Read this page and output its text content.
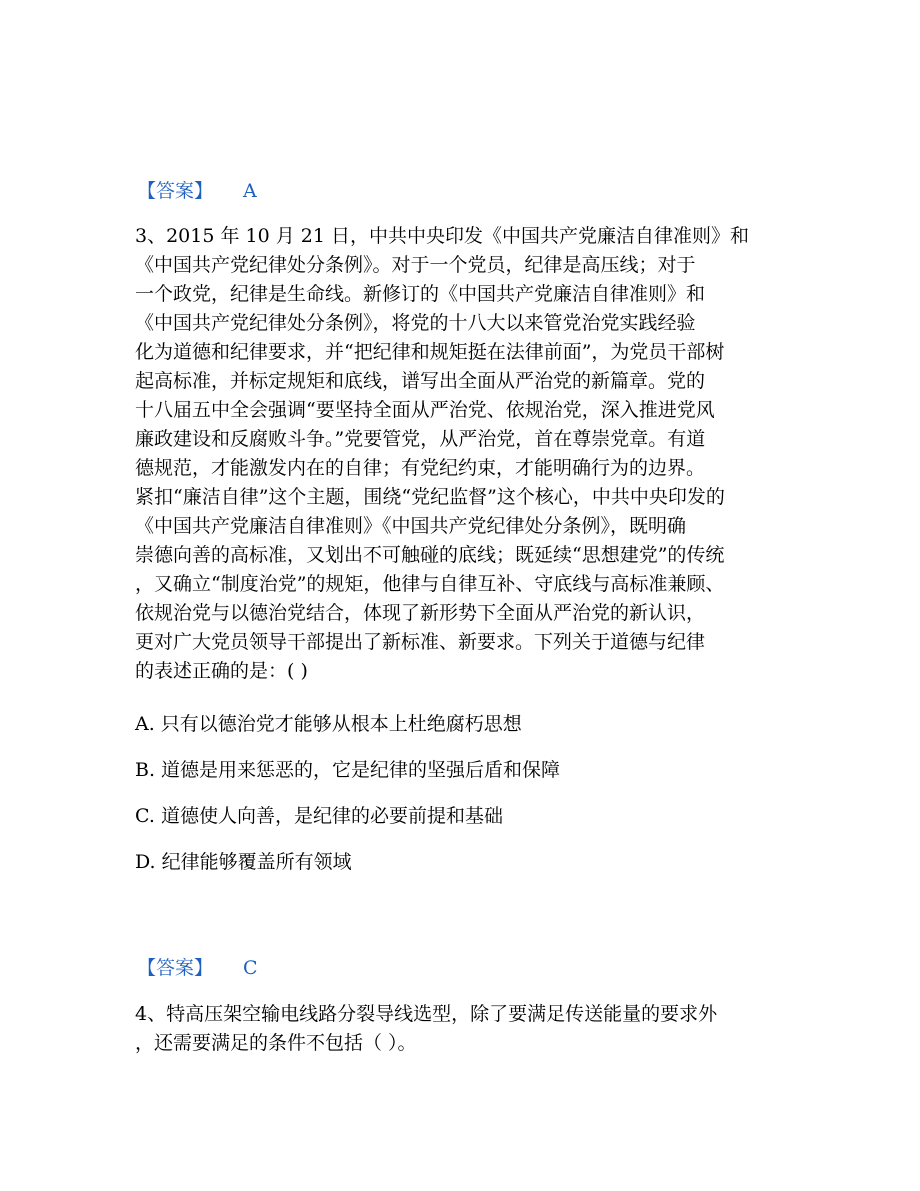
【答案】 A
3、2015 年 10 月 21 日，中共中央印发《中国共产党廉洁自律准则》和
《中国共产党纪律处分条例》。对于一个党员，纪律是高压线；对于
一个政党，纪律是生命线。新修订的《中国共产党廉洁自律准则》和
《中国共产党纪律处分条例》，将党的十八大以来管党治党实践经验
化为道德和纪律要求，并“把纪律和规矩挺在法律前面”，为党员干部树
起高标准，并标定规矩和底线，谱写出全面从严治党的新篇章。党的
十八届五中全会强调“要坚持全面从严治党、依规治党，深入推进党风
廉政建设和反腐败斗争。”党要管党，从严治党，首在尊崇党章。有道
德规范，才能激发内在的自律；有党纪约束，才能明确行为的边界。
紧扣“廉洁自律”这个主题，围绕“党纪监督”这个核心，中共中央印发的
《中国共产党廉洁自律准则》《中国共产党纪律处分条例》，既明确
崇德向善的高标准，又划出不可触碰的底线；既延续“思想建党”的传统
，又确立“制度治党”的规矩，他律与自律互补、守底线与高标准兼顾、
依规治党与以德治党结合，体现了新形势下全面从严治党的新认识，
更对广大党员领导干部提出了新标准、新要求。下列关于道德与纪律
的表述正确的是：( )
A. 只有以德治党才能够从根本上杜绝腐朽思想
B. 道德是用来惩恶的，它是纪律的坚强后盾和保障
C. 道德使人向善，是纪律的必要前提和基础
D. 纪律能够覆盖所有领域
【答案】 C
4、特高压架空输电线路分裂导线选型，除了要满足传送能量的要求外
，还需要满足的条件不包括（ ）。
